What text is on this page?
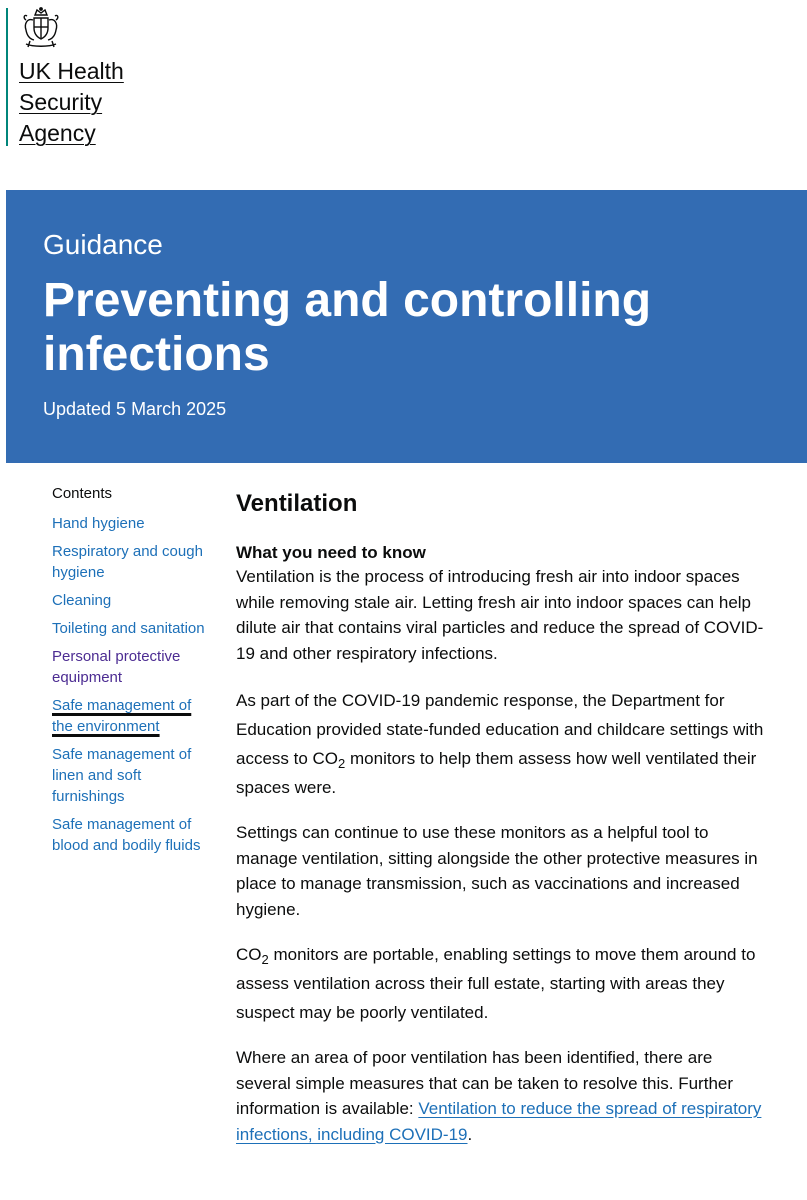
UK Health
Security
Agency
Guidance
Preventing and controlling infections
Updated 5 March 2025
Contents
Hand hygiene
Respiratory and cough hygiene
Cleaning
Toileting and sanitation
Personal protective equipment
Safe management of the environment
Safe management of linen and soft furnishings
Safe management of blood and bodily fluids
Ventilation
What you need to know

Ventilation is the process of introducing fresh air into indoor spaces while removing stale air. Letting fresh air into indoor spaces can help dilute air that contains viral particles and reduce the spread of COVID-19 and other respiratory infections.

As part of the COVID-19 pandemic response, the Department for Education provided state-funded education and childcare settings with access to $CO_2$ monitors to help them assess how well ventilated their spaces were.

Settings can continue to use these monitors as a helpful tool to manage ventilation, sitting alongside the other protective measures in place to manage transmission, such as vaccinations and increased hygiene.

$CO_2$ monitors are portable, enabling settings to move them around to assess ventilation across their full estate, starting with areas they suspect may be poorly ventilated.

Where an area of poor ventilation has been identified, there are several simple measures that can be taken to resolve this. Further information is available: Ventilation to reduce the spread of respiratory infections, including COVID-19.
